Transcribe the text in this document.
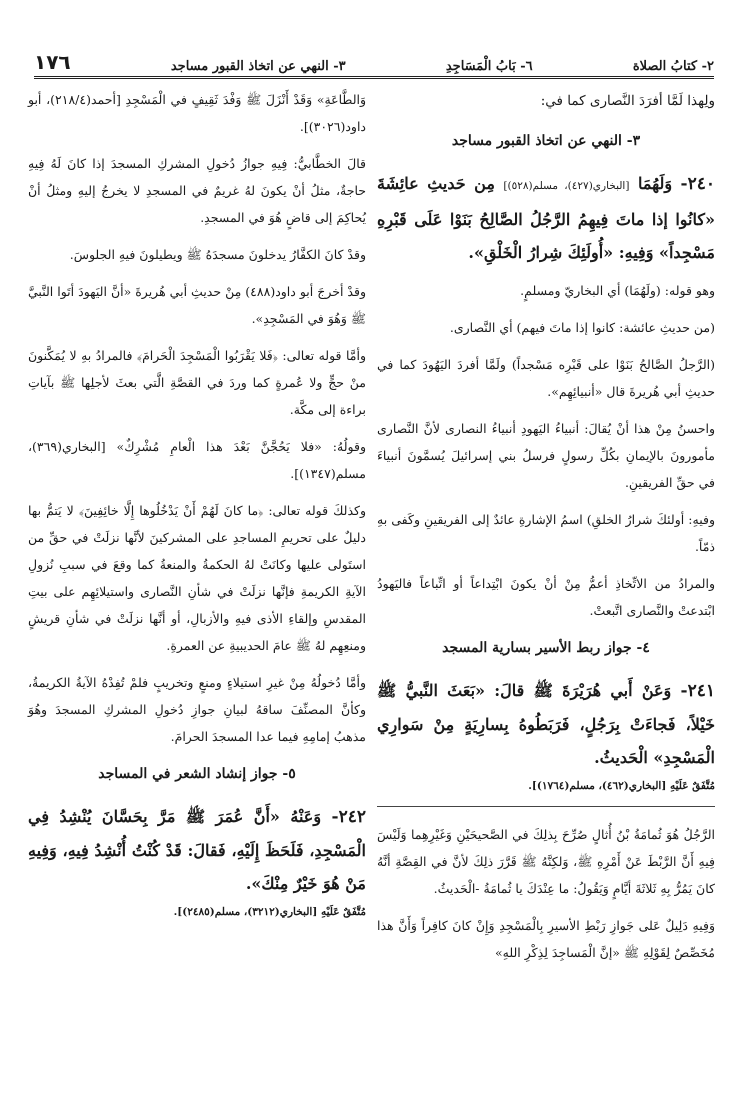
٢- كتابُ الصلاة
٦- بَابُ الْمَسَاجِدِ
٣- النهي عن اتخاذ القبور مساجد
١٧٦

ولِهذا لَمَّا أفرَدَ النَّصارى كما في:

٣- النهي عن اتخاذ القبور مساجد

٢٤٠- وَلَهُمَا [البخاري(٤٢٧)، مسلم(٥٢٨)] مِن حَديثِ عائِشَةَ «كانُوا إذا ماتَ فِيهِمُ الرَّجُلُ الصَّالِحُ بَنَوْا عَلَى قَبْرِهِ مَسْجِداً» وَفِيهِ: «أُولَئِكَ شِرارُ الْخَلْقِ».

وهو قوله: (ولَهُمَا) أي البخاريّ ومسلمٍ.

(من حديثِ عائشة: كانوا إذا ماتَ فيهم) أي النَّصارى.

(الرَّجلُ الصَّالحُ بَنَوْا على قَبْرِه مَسْجداً) ولَمَّا أفردَ اليَهُودَ كما في حديثِ أبي هُريرةَ قال «أنبيائِهِم».

واحسنُ مِنْ هذا أنْ يُقالَ: أنبياءُ اليَهودِ أنبياءُ النصارى لأنَّ النَّصارى مأمورونَ بالإيمانِ بكُلِّ رسولٍ فرسلُ بني إسرائيلَ يُسمَّونَ أنبياءَ في حقِّ الفريقينِ.

وفيهِ: أولئكَ شرارُ الخلقِ) اسمُ الإشارةِ عائدٌ إلى الفريقينِ وكَفى بهِ ذمّاً.

والمرادُ من الاتِّخاذِ أعمُّ مِنْ أنْ يكونَ ابْتِداعاً أو اتِّباعاً فاليَهودُ ابْتدعتْ والنَّصارى اتَّبعتْ.

٤- جواز ربط الأسير بسارية المسجد

٢٤١- وَعَنْ أَبي هُرَيْرَةَ ﷺ قالَ: «بَعَثَ النَّبيُّ ﷺ خَيْلاً، فَجاءَتْ بِرَجُلٍ، فَرَبَطُوهُ بِسارِيَةٍ مِنْ سَوارِي الْمَسْجِدِ» الْحَديثُ.

مُتَّفَقٌ عَلَيْهِ [البخاري(٤٦٢)، مسلم(١٧٦٤)].

الرَّجُلُ هُوَ ثُمامَةُ بْنُ أُثالٍ صُرِّحَ بِذلِكَ في الصَّحيحَيْنِ وَغَيْرِهِما وَلَيْسَ فِيهِ أَنَّ الرَّبْطَ عَنْ أَمْرِهِ ﷺ، وَلكِنَّهُ ﷺ قَرَّرَ ذلِكَ لأنَّ في القِصَّةِ أنَّهُ كانَ يَمُرُّ بِهِ ثَلاثَةَ أيَّامٍ وَيَقُولُ: ما عِنْدَكَ يا ثُمامَةُ -الْحَديثُ.

وَفِيهِ دَلِيلٌ عَلى جَوازِ رَبْطِ الأسيرِ بِالْمَسْجِدِ وَإِنْ كانَ كافِراً وَأَنَّ هذا مُخَصِّصٌ لِقَوْلِهِ ﷺ «إنَّ الْمَساجِدَ لِذِكْرِ اللهِ»

وَالطَّاعَةِ» وَقَدْ أَنْزَلَ ﷺ وَفْدَ ثَقِيفٍ في الْمَسْجِدِ [أحمد(٢١٨/٤)، أبو داود(٣٠٢٦)].

قالَ الخطَّابيُّ: فِيهِ جوازُ دُخولِ المشركِ المسجدَ إذا كانَ لَهُ فِيهِ حاجةٌ، مثلُ أنْ يكونَ لهُ غريمٌ في المسجدِ لا يخرجُ إليهِ ومثلُ أنْ يُحاكِمَ إلى قاضٍ هُوَ في المسجدِ.

وقدْ كانَ الكفَّارُ يدخلونَ مسجدَهُ ﷺ ويطيلونَ فيهِ الجلوسَ.

وقدْ أخرجَ أبو داود(٤٨٨) مِنْ حديثِ أبي هُريرةَ «أنَّ اليَهودَ أتَوا النَّبيَّ ﷺ وَهُوَ في المَسْجِدِ».

وأمَّا قوله تعالى: ﴿فَلا يَقْرَبُوا الْمَسْجِدَ الْحَرامَ﴾ فالمرادُ بهِ لا يُمَكَّنونَ منْ حجٍّ ولا عُمرةٍ كما وردَ في القصَّةِ الَّتي بعثَ لأجلِها ﷺ بآياتِ براءة إلى مكَّة.

وقولُهُ: «فلا يَحُجَّنَّ بَعْدَ هذا الْعامِ مُشْرِكٌ» [البخاري(٣٦٩)، مسلم(١٣٤٧)].

وكذلكَ قوله تعالى: ﴿ما كانَ لَهُمْ أَنْ يَدْخُلُوها إِلَّا خائِفِينَ﴾ لا يَتمُّ بها دليلٌ على تحريمِ المساجدِ على المشركينَ لأنَّها نزلَتْ في حقِّ من استَولى عليها وكانَتْ لهُ الحكمةُ والمنعةُ كما وقعَ في سببِ نُزولِ الآيةِ الكريمةِ فإنَّها نزلَتْ في شأنِ النَّصارى واستيلائِهِم على بيتِ المقدسِ وإلقاءِ الأذى فيهِ والأزبالِ، أو أنَّها نزلَتْ في شأنِ قريشٍ ومنعِهِم لهُ ﷺ عامَ الحديبيةِ عن العمرةِ.

وأمَّا دُخولُهُ مِنْ غيرِ استيلاءٍ ومنعٍ وتخريبٍ فلمْ تُفِدْهُ الآيةُ الكريمةُ، وكأنَّ المصنِّفَ ساقهُ لبيانِ جوازِ دُخولِ المشركِ المسجدَ وهُوَ مذهبُ إمامِهِ فيما عدا المسجدَ الحرامَ.

٥- جواز إنشاد الشعر في المساجد

٢٤٢- وَعَنْهُ «أَنَّ عُمَرَ ﷺ مَرَّ بِحَسَّانَ يُنْشِدُ فِي الْمَسْجِدِ، فَلَحَظَ إِلَيْهِ، فَقالَ: قَدْ كُنْتُ أُنْشِدُ فِيهِ، وَفِيهِ مَنْ هُوَ خَيْرٌ مِنْكَ».

مُتَّفَقٌ عَلَيْهِ [البخاري(٣٢١٢)، مسلم(٢٤٨٥)].
